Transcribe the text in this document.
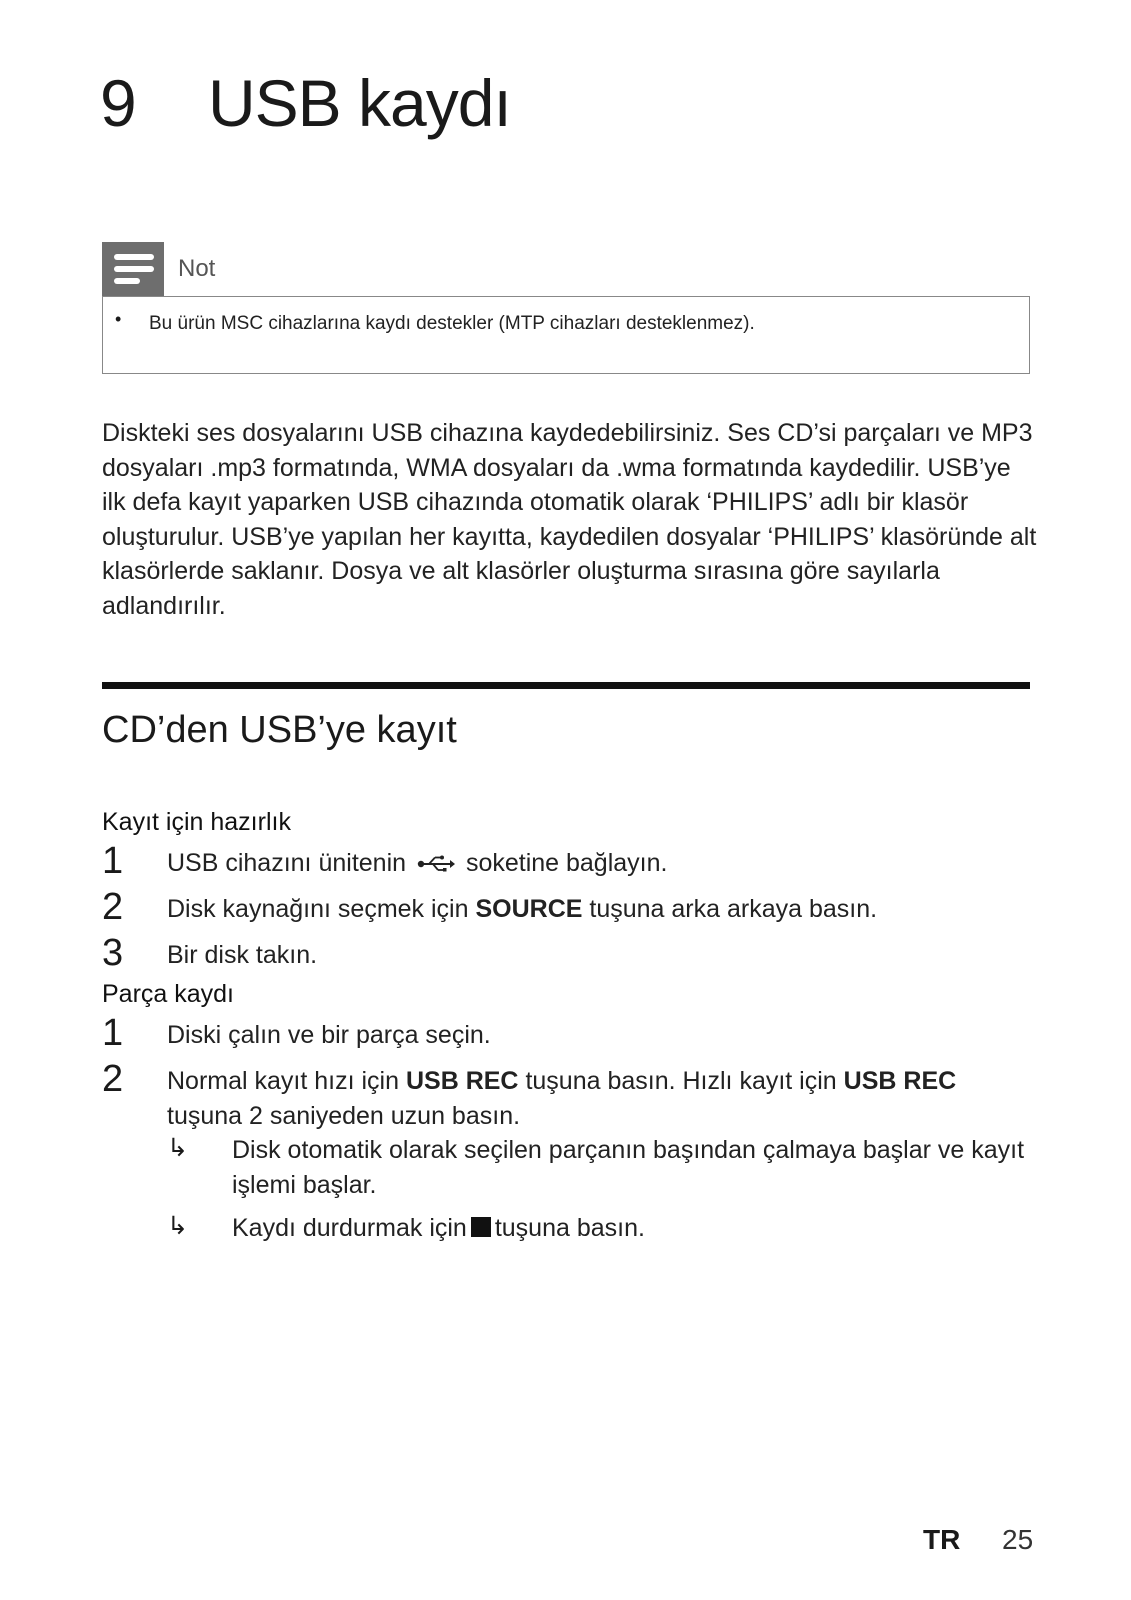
9 USB kaydı
Not
• Bu ürün MSC cihazlarına kaydı destekler (MTP cihazları desteklenmez).
Diskteki ses dosyalarını USB cihazına kaydedebilirsiniz. Ses CD’si parçaları ve MP3 dosyaları .mp3 formatında, WMA dosyaları da .wma formatında kaydedilir. USB’ye ilk defa kayıt yaparken USB cihazında otomatik olarak ‘PHILIPS’ adlı bir klasör oluşturulur. USB’ye yapılan her kayıtta, kaydedilen dosyalar ‘PHILIPS’ klasöründe alt klasörlerde saklanır. Dosya ve alt klasörler oluşturma sırasına göre sayılarla adlandırılır.
CD’den USB’ye kayıt
Kayıt için hazırlık
1 USB cihazını ünitenin soketine bağlayın.
2 Disk kaynağını seçmek için SOURCE tuşuna arka arkaya basın.
3 Bir disk takın.
Parça kaydı
1 Diski çalın ve bir parça seçin.
2 Normal kayıt hızı için USB REC tuşuna basın. Hızlı kayıt için USB REC tuşuna 2 saniyeden uzun basın.
↳ Disk otomatik olarak seçilen parçanın başından çalmaya başlar ve kayıt işlemi başlar.
↳ Kaydı durdurmak için tuşuna basın.
TR 25
